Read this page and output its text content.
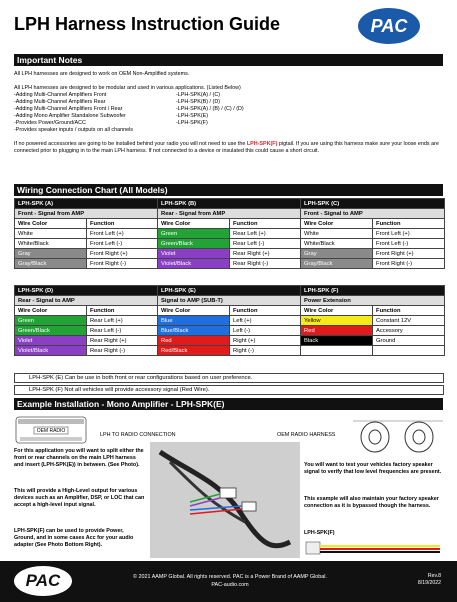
LPH Harness Instruction Guide	PAC
Important Notes
All LPH harnesses are designed to work on OEM Non-Amplified systems.
All LPH harnesses are designed to be modular and used in various applications. (Listed Below)
-Adding Multi-Channel Amplifiers Front	-LPH-SPK(A) / (C)
-Adding Multi-Channel Amplifiers Rear	-LPH-SPK(B) / (D)
-Adding Multi-Channel Amplifiers Front / Rear	-LPH-SPK(A) / (B) / (C) / (D)
-Adding Mono Amplifier Standalone Subwoofer	-LPH-SPK(E)
-Provides Power/Ground/ACC	-LPH-SPK(F)
-Provides speaker inputs / outputs on all channels
If no powered accessories are going to be installed behind your radio you will not need to use the LPH-SPK(F) pigtail. If you are using this harness make sure your loose ends are connected prior to plugging in to the main LPH harness. If not connected to a device or insulated this could cause a short circuit.
Wiring Connection Chart (All Models)
LPH-SPK (A)		LPH-SPK (B)		LPH-SPK (C)	
Front - Signal from AMP		Rear - Signal from AMP		Front - Signal to AMP	
Wire Color	Function	Wire Color	Function	Wire Color	Function
White	Front Left (+)	Green	Rear Left (+)	White	Front Left (+)
White/Black	Front Left (-)	Green/Black	Rear Left (-)	White/Black	Front Left (-)
Gray	Front Right (+)	Violet	Rear Right (+)	Gray	Front Right (+)
Gray/Black	Front Right (-)	Violet/Black	Rear Right (-)	Gray/Black	Front Right (-)
LPH-SPK (D)		LPH-SPK (E)		LPH-SPK (F)	
Rear - Signal to AMP		Signal to AMP (SUB-T)		Power Extension	
Wire Color	Function	Wire Color	Function	Wire Color	Function
Green	Rear Left (+)	Blue	Left (+)	Yellow	Constant 12V
Green/Black	Rear Left (-)	Blue/Black	Left (-)	Red	Accessory
Violet	Rear Right (+)	Red	Right (+)	Black	Ground
Violet/Black	Rear Right (-)	Red/Black	Right (-)		
LPH-SPK (E) Can be use in both front or rear configurations based on user preference.
LPH-SPK (F) Not all vehicles will provide accessory signal (Red Wire).
Example Installation - Mono Amplifier - LPH-SPK(E)
OEM RADIO
LPH TO RADIO CONNECTION	OEM RADIO HARNESS
For this application you will want to split either the front or rear channels on the main LPH harness and insert (LPH-SPK(E)) in between. (See Photo).
This will provide a High-Level output for various devices such as an Amplifier, DSP, or LOC that can accept a high-level input signal.
LPH-SPK(F) can be used to provide Power, Ground, and in some cases Acc for your audio adapter (See Photo Bottom Right).
You will want to test your vehicles factory speaker signal to verify that low level frequencies are present.
This example will also maintain your factory speaker connection as it is bypassed though the harness.
LPH-SPK(F)
PAC	© 2021 AAMP Global. All rights reserved. PAC is a Power Brand of AAMP Global.
PAC-audio.com
Rev.8
8/19/2022
